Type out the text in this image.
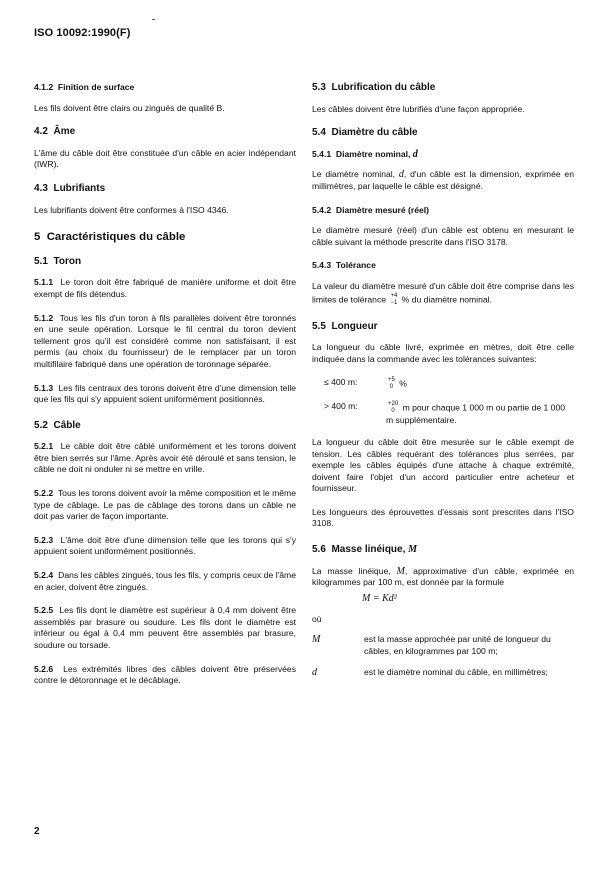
ISO 10092:1990(F)
4.1.2 Finition de surface

Les fils doivent être clairs ou zingués de qualité B.

4.2 Âme

L'âme du câble doit être constituée d'un câble en acier indépendant (IWR).

4.3 Lubrifiants

Les lubrifiants doivent être conformes à l'ISO 4346.

5 Caractéristiques du câble
5.1 Toron

5.1.1 Le toron doit être fabriqué de manière uniforme et doit être exempt de fils détendus.

5.1.2 Tous les fils d'un toron à fils parallèles doivent être toronnés en une seule opération. Lorsque le fil central du toron devient tellement gros qu'il est considéré comme non satisfaisant, il est permis (au choix du fournisseur) de le remplacer par un toron multifilaire fabriqué dans une opération de toronnage séparée.

5.1.3 Les fils centraux des torons doivent être d'une dimension telle que les fils qui s'y appuient soient uniformément positionnés.

5.2 Câble

5.2.1 Le câble doit être câblé uniformément et les torons doivent être bien serrés sur l'âme. Après avoir été déroulé et sans tension, le câble ne doit ni onduler ni se mettre en vrille.

5.2.2 Tous les torons doivent avoir la même composition et le même type de câblage. Le pas de câblage des torons dans un câble ne doit pas varier de façon importante.

5.2.3 L'âme doit être d'une dimension telle que les torons qui s'y appuient soient uniformément positionnés.

5.2.4 Dans les câbles zingués, tous les fils, y compris ceux de l'âme en acier, doivent être zingués.

5.2.5 Les fils dont le diamètre est supérieur à 0,4 mm doivent être assemblés par brasure ou soudure. Les fils dont le diamètre est inférieur ou égal à 0,4 mm peuvent être assemblés par brasure, soudure ou torsade.

5.2.6 Les extrémités libres des câbles doivent être préservées contre le détoronnage et le décâblage.

5.3 Lubrification du câble

Les câbles doivent être lubrifiés d'une façon appropriée.

5.4 Diamètre du câble
5.4.1 Diamètre nominal, d

Le diamètre nominal, d, d'un câble est la dimension, exprimée en millimètres, par laquelle le câble est désigné.

5.4.2 Diamètre mesuré (réel)

Le diamètre mesuré (réel) d'un câble est obtenu en mesurant le câble suivant la méthode prescrite dans l'ISO 3178.

5.4.3 Tolérance

La valeur du diamètre mesuré d'un câble doit être comprise dans les limites de tolérance +4
−1 % du diamètre nominal.

5.5 Longueur

La longueur du câble livré, exprimée en mètres, doit être celle indiquée dans la commande avec les tolérances suivantes:

≤ 400 m:	+5
0 %
> 400 m:	+20
0 m pour chaque 1 000 m ou partie de 1 000 m supplémentaire.

La longueur du câble doit être mesurée sur le câble exempt de tension. Les câbles requérant des tolérances plus serrées, par exemple les câbles équipés d'une attache à chaque extrémité, doivent faire l'objet d'un accord particulier entre acheteur et fournisseur.

Les longueurs des éprouvettes d'essais sont prescrites dans l'ISO 3108.

5.6 Masse linéique, M

La masse linéique, M, approximative d'un câble, exprimée en kilogrammes par 100 m, est donnée par la formule

M = Kd²
où
M	est la masse approchée par unité de longueur du câbles, en kilogrammes par 100 m;
d	est le diamètre nominal du câble, en millimètres;
2
